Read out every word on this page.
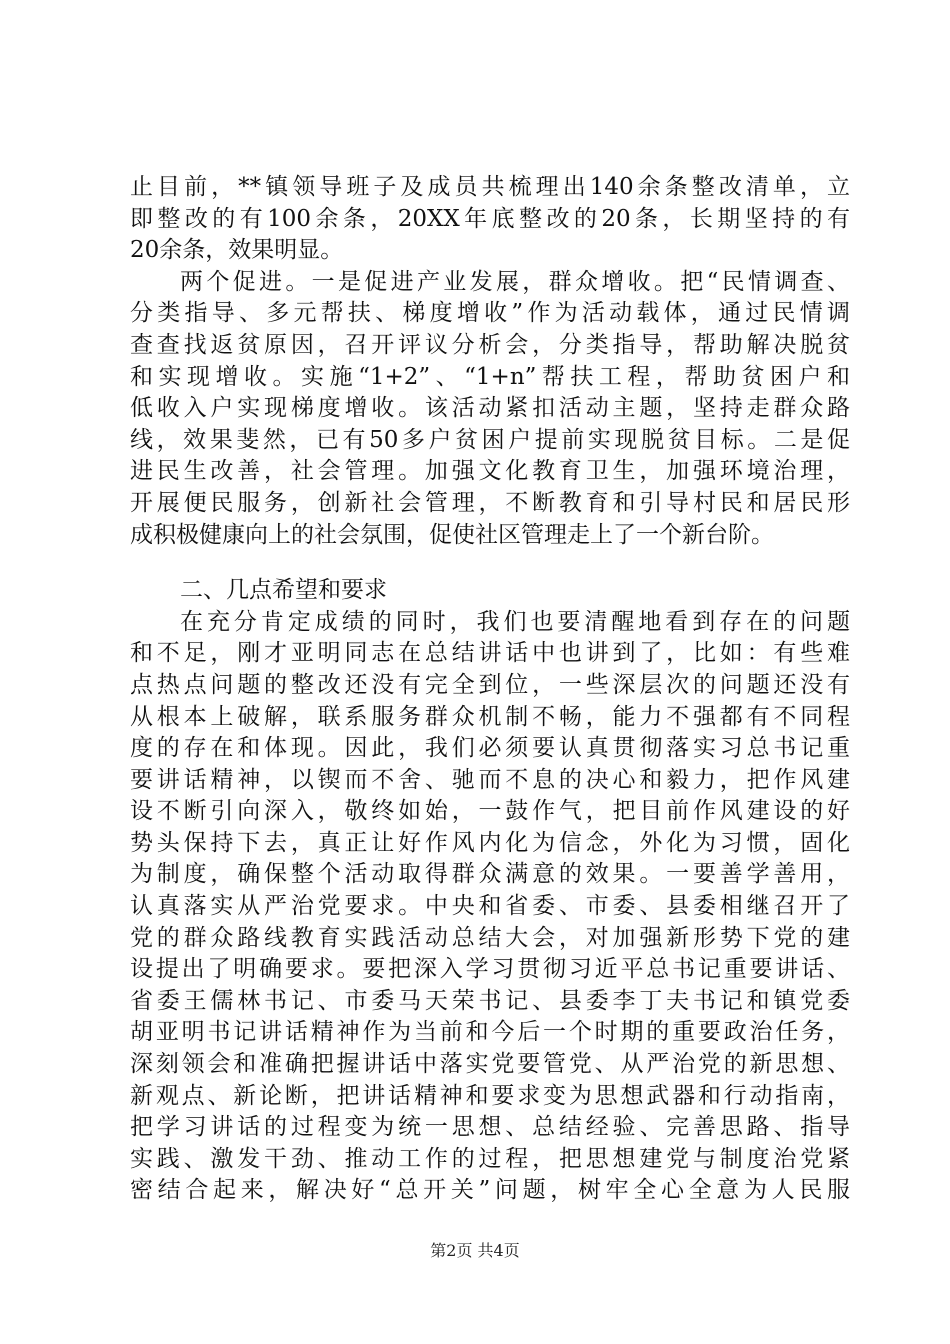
止目前，**镇领导班子及成员共梳理出140余条整改清单，立
即整改的有100余条，20XX年底整改的20条，长期坚持的有
20余条，效果明显。
两个促进。一是促进产业发展，群众增收。把“民情调查、
分类指导、多元帮扶、梯度增收”作为活动载体，通过民情调
查查找返贫原因，召开评议分析会，分类指导，帮助解决脱贫
和实现增收。实施“1+2”、“1+n”帮扶工程，帮助贫困户和
低收入户实现梯度增收。该活动紧扣活动主题，坚持走群众路
线，效果斐然，已有50多户贫困户提前实现脱贫目标。二是促
进民生改善，社会管理。加强文化教育卫生，加强环境治理，
开展便民服务，创新社会管理，不断教育和引导村民和居民形
成积极健康向上的社会氛围，促使社区管理走上了一个新台阶。
二、几点希望和要求
在充分肯定成绩的同时，我们也要清醒地看到存在的问题
和不足，刚才亚明同志在总结讲话中也讲到了，比如：有些难
点热点问题的整改还没有完全到位，一些深层次的问题还没有
从根本上破解，联系服务群众机制不畅，能力不强都有不同程
度的存在和体现。因此，我们必须要认真贯彻落实习总书记重
要讲话精神，以锲而不舍、驰而不息的决心和毅力，把作风建
设不断引向深入，敬终如始，一鼓作气，把目前作风建设的好
势头保持下去，真正让好作风内化为信念，外化为习惯，固化
为制度，确保整个活动取得群众满意的效果。一要善学善用，
认真落实从严治党要求。中央和省委、市委、县委相继召开了
党的群众路线教育实践活动总结大会，对加强新形势下党的建
设提出了明确要求。要把深入学习贯彻习近平总书记重要讲话、
省委王儒林书记、市委马天荣书记、县委李丁夫书记和镇党委
胡亚明书记讲话精神作为当前和今后一个时期的重要政治任务，
深刻领会和准确把握讲话中落实党要管党、从严治党的新思想、
新观点、新论断，把讲话精神和要求变为思想武器和行动指南，
把学习讲话的过程变为统一思想、总结经验、完善思路、指导
实践、激发干劲、推动工作的过程，把思想建党与制度治党紧
密结合起来，解决好“总开关”问题，树牢全心全意为人民服
第2页 共4页
